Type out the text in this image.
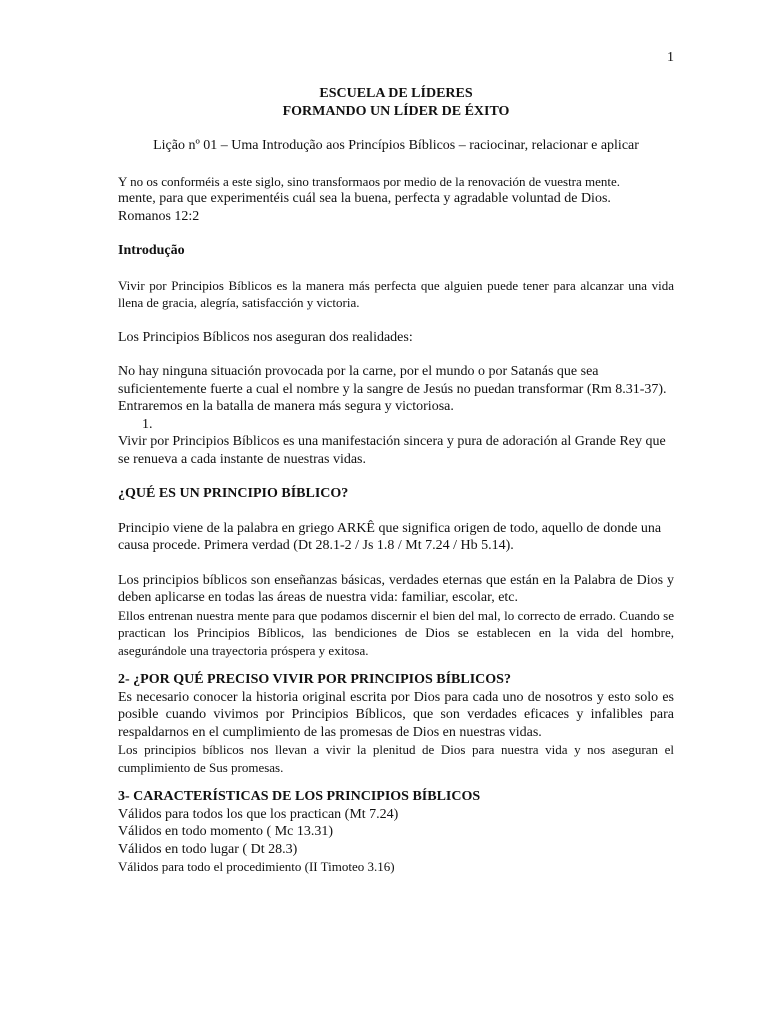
1
ESCUELA DE LÍDERES
FORMANDO UN LÍDER DE ÉXITO
Lição nº 01 – Uma Introdução aos Princípios Bíblicos – raciocinar, relacionar e aplicar
Y no os conforméis a este siglo, sino transformaos por medio de la renovación de vuestra mente.
mente, para que experimentéis cuál sea la buena, perfecta y agradable voluntad de Dios.
Romanos 12:2
Introdução

Vivir por Principios Bíblicos es la manera más perfecta que alguien puede tener para alcanzar una vida llena de gracia, alegría, satisfacción y victoria.

Los Principios Bíblicos nos aseguran dos realidades:

No hay ninguna situación provocada por la carne, por el mundo o por Satanás que sea suficientemente fuerte a cual el nombre y la sangre de Jesús no puedan transformar (Rm 8.31-37).

Entraremos en la batalla de manera más segura y victoriosa.

1.

Vivir por Principios Bíblicos es una manifestación sincera y pura de adoración al Grande Rey que se renueva a cada instante de nuestras vidas.

¿QUÉ ES UN PRINCIPIO BÍBLICO?

Principio viene de la palabra en griego ARKÊ que significa origen de todo, aquello de donde una causa procede. Primera verdad (Dt 28.1-2 / Js 1.8 / Mt 7.24 / Hb 5.14).

Los principios bíblicos son enseñanzas básicas, verdades eternas que están en la Palabra de Dios y deben aplicarse en todas las áreas de nuestra vida: familiar, escolar, etc.

Ellos entrenan nuestra mente para que podamos discernir el bien del mal, lo correcto de errado. Cuando se practican los Principios Bíblicos, las bendiciones de Dios se establecen en la vida del hombre, asegurándole una trayectoria próspera y exitosa.

2- ¿POR QUÉ PRECISO VIVIR POR PRINCIPIOS BÍBLICOS?

Es necesario conocer la historia original escrita por Dios para cada uno de nosotros y esto solo es posible cuando vivimos por Principios Bíblicos, que son verdades eficaces y infalibles para respaldarnos en el cumplimiento de las promesas de Dios en nuestras vidas.

Los principios bíblicos nos llevan a vivir la plenitud de Dios para nuestra vida y nos aseguran el cumplimiento de Sus promesas.

3- CARACTERÍSTICAS DE LOS PRINCIPIOS BÍBLICOS
Válidos para todos los que los practican (Mt 7.24)
Válidos en todo momento ( Mc 13.31)
Válidos en todo lugar ( Dt 28.3)
Válidos para todo el procedimiento (II Timoteo 3.16)
